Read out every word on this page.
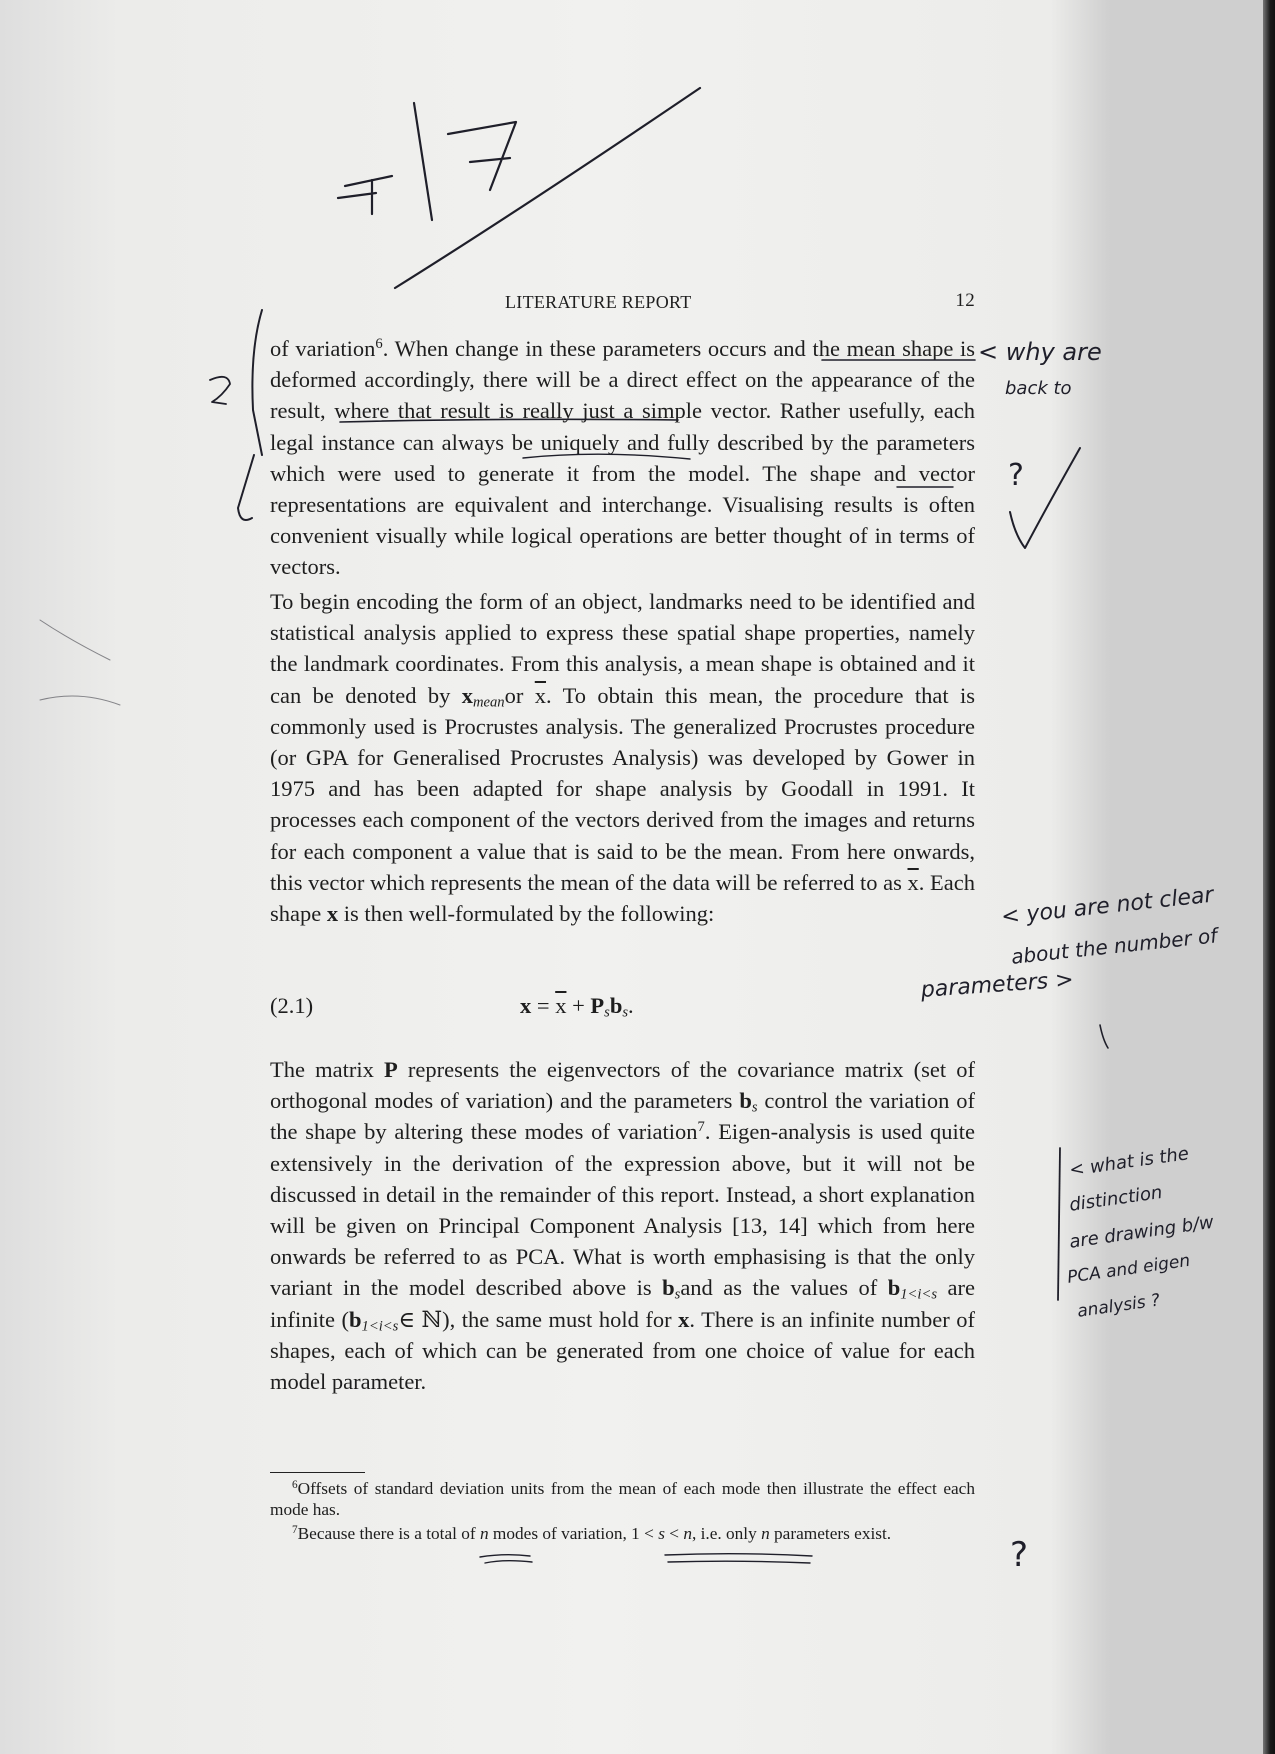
LITERATURE REPORT	12

of variation$^6$. When change in these parameters occurs and the mean shape is deformed accordingly, there will be a direct effect on the appearance of the result, where that result is really just a simple vector. Rather usefully, each legal instance can always be uniquely and fully described by the parameters which were used to generate it from the model. The shape and vector representations are equivalent and interchange. Visualising results is often convenient visually while logical operations are better thought of in terms of vectors.

To begin encoding the form of an object, landmarks need to be identified and statistical analysis applied to express these spatial shape properties, namely the landmark coordinates. From this analysis, a mean shape is obtained and it can be denoted by $x_{mean}or$ $\overline{x}$. To obtain this mean, the procedure that is commonly used is Procrustes analysis. The generalized Procrustes procedure (or GPA for Generalised Procrustes Analysis) was developed by Gower in 1975 and has been adapted for shape analysis by Goodall in 1991. It processes each component of the vectors derived from the images and returns for each component a value that is said to be the mean. From here onwards, this vector which represents the mean of the data will be referred to as $\overline{x}$. Each shape x is then well-formulated by the following:

(2.1)	$x = \overline{x} + P_sb_s$.

The matrix P represents the eigenvectors of the covariance matrix (set of orthogonal modes of variation) and the parameters $b_s$ control the variation of the shape by altering these modes of variation$^7$. Eigen-analysis is used quite extensively in the derivation of the expression above, but it will not be discussed in detail in the remainder of this report. Instead, a short explanation will be given on Principal Component Analysis [13, 14] which from here onwards be referred to as PCA. What is worth emphasising is that the only variant in the model described above is $b_sand$ as the values of $b_{1<i<s}$ are infinite ($b_{1<i<s}\in$ ℕ), the same must hold for x. There is an infinite number of shapes, each of which can be generated from one choice of value for each model parameter.

$^6$Offsets of standard deviation units from the mean of each mode then illustrate the effect each mode has.

$^7$Because there is a total of n modes of variation, 1 < s < n, i.e. only n parameters exist.

< why are
back to
?
< you are not clear
about the number of
parameters >
< what is the
distinction
are drawing b/w
PCA and eigen
analysis ?
?
